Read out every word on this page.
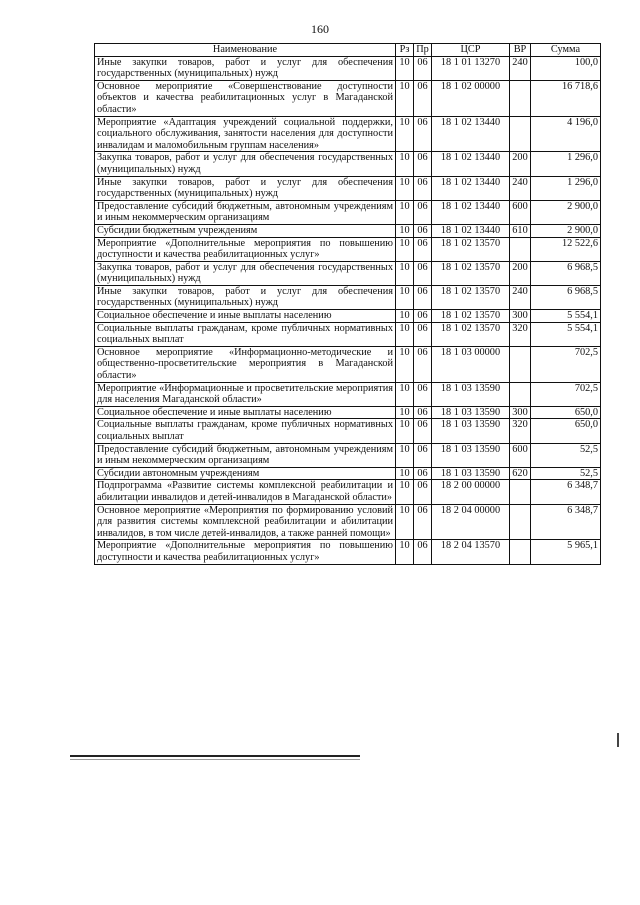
160
Наименование	Рз	Пр	ЦСР	ВР	Сумма
Иные закупки товаров, работ и услуг для обеспечения государственных (муниципальных) нужд	10	06	18 1 01 13270	240	100,0
Основное мероприятие «Совершенствование доступности объектов и качества реабилитационных услуг в Магаданской области»	10	06	18 1 02 00000		16 718,6
Мероприятие «Адаптация учреждений социальной поддержки, социального обслуживания, занятости населения для доступности инвалидам и маломобильным группам населения»	10	06	18 1 02 13440		4 196,0
Закупка товаров, работ и услуг для обеспечения государственных (муниципальных) нужд	10	06	18 1 02 13440	200	1 296,0
Иные закупки товаров, работ и услуг для обеспечения государственных (муниципальных) нужд	10	06	18 1 02 13440	240	1 296,0
Предоставление субсидий бюджетным, автономным учреждениям и иным некоммерческим организациям	10	06	18 1 02 13440	600	2 900,0
Субсидии бюджетным учреждениям	10	06	18 1 02 13440	610	2 900,0
Мероприятие «Дополнительные мероприятия по повышению доступности и качества реабилитационных услуг»	10	06	18 1 02 13570		12 522,6
Закупка товаров, работ и услуг для обеспечения государственных (муниципальных) нужд	10	06	18 1 02 13570	200	6 968,5
Иные закупки товаров, работ и услуг для обеспечения государственных (муниципальных) нужд	10	06	18 1 02 13570	240	6 968,5
Социальное обеспечение и иные выплаты населению	10	06	18 1 02 13570	300	5 554,1
Социальные выплаты гражданам, кроме публичных нормативных социальных выплат	10	06	18 1 02 13570	320	5 554,1
Основное мероприятие «Информационно-методические и общественно-просветительские мероприятия в Магаданской области»	10	06	18 1 03 00000		702,5
Мероприятие «Информационные и просветительские мероприятия для населения Магаданской области»	10	06	18 1 03 13590		702,5
Социальное обеспечение и иные выплаты населению	10	06	18 1 03 13590	300	650,0
Социальные выплаты гражданам, кроме публичных нормативных социальных выплат	10	06	18 1 03 13590	320	650,0
Предоставление субсидий бюджетным, автономным учреждениям и иным некоммерческим организациям	10	06	18 1 03 13590	600	52,5
Субсидии автономным учреждениям	10	06	18 1 03 13590	620	52,5
Подпрограмма «Развитие системы комплексной реабилитации и абилитации инвалидов и детей-инвалидов в Магаданской области»	10	06	18 2 00 00000		6 348,7
Основное мероприятие «Мероприятия по формированию условий для развития системы комплексной реабилитации и абилитации инвалидов, в том числе детей-инвалидов, а также ранней помощи»	10	06	18 2 04 00000		6 348,7
Мероприятие «Дополнительные мероприятия по повышению доступности и качества реабилитационных услуг»	10	06	18 2 04 13570		5 965,1
